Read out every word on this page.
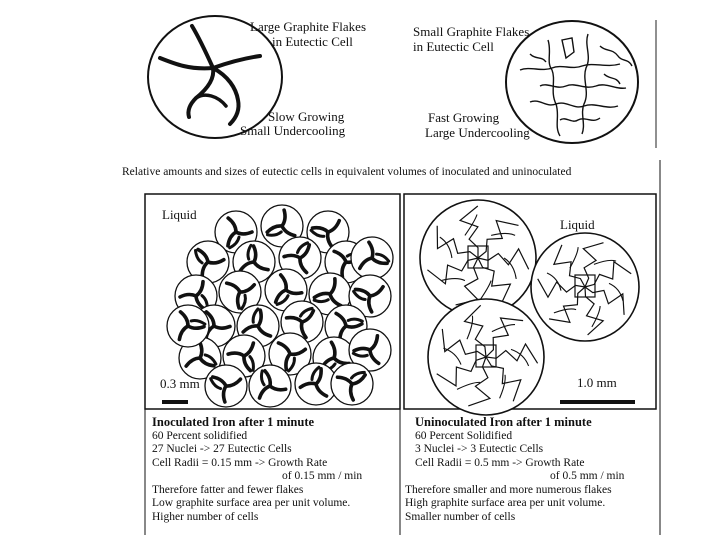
Large Graphite Flakes
in Eutectic Cell
Slow Growing
Small Undercooling
Small Graphite Flakes
in Eutectic Cell
Fast Growing
Large Undercooling
Relative amounts and sizes of eutectic cells in equivalent volumes of inoculated and uninoculated
Liquid
0.3 mm
Liquid
1.0 mm
Inoculated Iron after 1 minute
60 Percent solidified
27 Nuclei -> 27 Eutectic Cells
Cell Radii = 0.15 mm -> Growth Rate
of 0.15 mm / min
Therefore fatter and fewer flakes
Low graphite surface area per unit volume.
Higher number of cells
Uninoculated Iron after 1 minute
60 Percent Solidified
3 Nuclei -> 3 Eutectic Cells
Cell Radii = 0.5 mm -> Growth Rate
of 0.5 mm / min
Therefore smaller and more numerous flakes
High graphite surface area per unit volume.
Smaller number of cells
